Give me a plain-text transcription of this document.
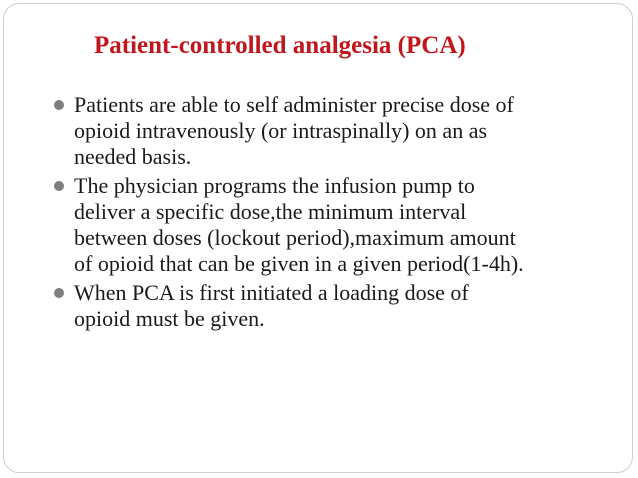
Patient-controlled analgesia (PCA)
Patients are able to self administer precise dose of
opioid intravenously (or intraspinally) on an as
needed basis.
The physician programs the infusion pump to
deliver a specific dose,the minimum interval
between doses (lockout period),maximum amount
of opioid that can be given in a given period(1-4h).
When PCA is first initiated a loading dose of
opioid must be given.
